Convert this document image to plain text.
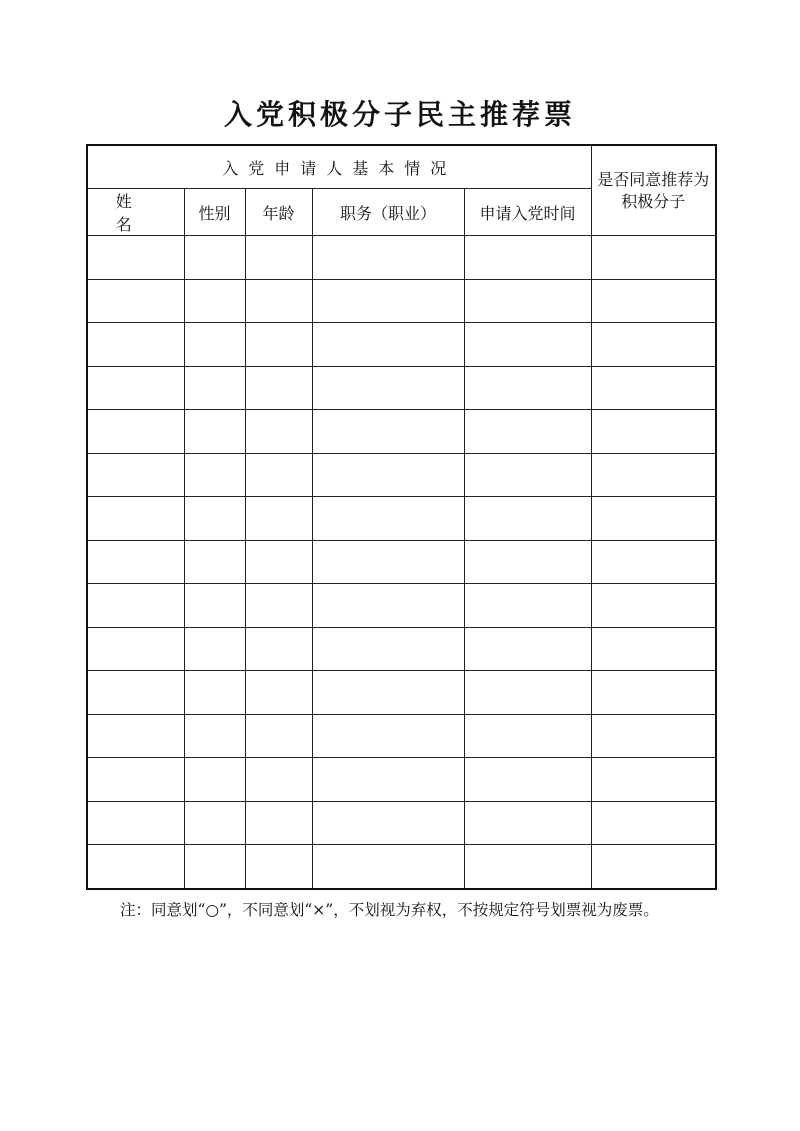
入党积极分子民主推荐票
入党申请人基本情况					是否同意推荐为积极分子
姓 名	性别	年龄	职务（职业）	申请入党时间	

注：同意划“○”，不同意划“×”，不划视为弃权，不按规定符号划票视为废票。
